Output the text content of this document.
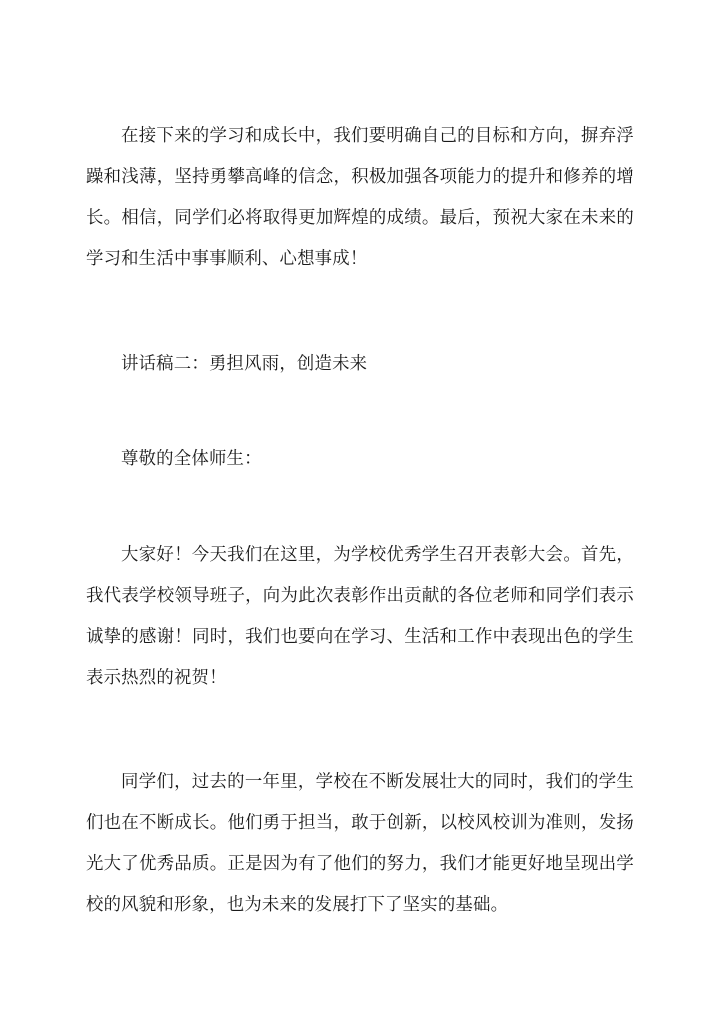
在接下来的学习和成长中，我们要明确自己的目标和方向，摒弃浮躁和浅薄，坚持勇攀高峰的信念，积极加强各项能力的提升和修养的增长。相信，同学们必将取得更加辉煌的成绩。最后，预祝大家在未来的学习和生活中事事顺利、心想事成！

讲话稿二：勇担风雨，创造未来

尊敬的全体师生：

大家好！今天我们在这里，为学校优秀学生召开表彰大会。首先，我代表学校领导班子，向为此次表彰作出贡献的各位老师和同学们表示诚挚的感谢！同时，我们也要向在学习、生活和工作中表现出色的学生表示热烈的祝贺！

同学们，过去的一年里，学校在不断发展壮大的同时，我们的学生们也在不断成长。他们勇于担当，敢于创新，以校风校训为准则，发扬光大了优秀品质。正是因为有了他们的努力，我们才能更好地呈现出学校的风貌和形象，也为未来的发展打下了坚实的基础。
